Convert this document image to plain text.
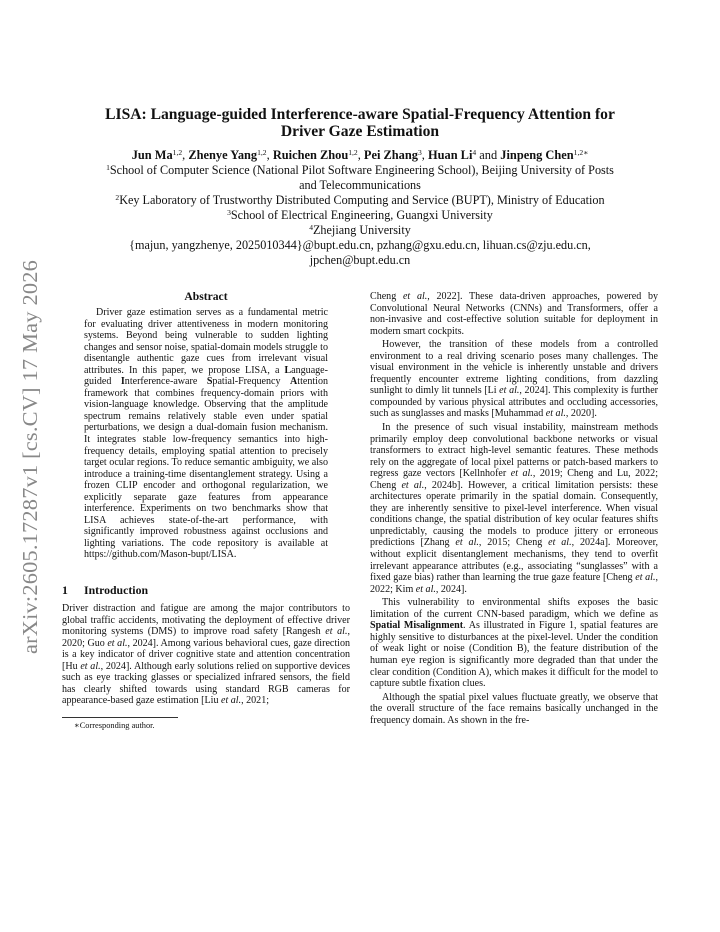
arXiv:2605.17287v1 [cs.CV] 17 May 2026
LISA: Language-guided Interference-aware Spatial-Frequency Attention for
Driver Gaze Estimation

Jun Ma$^{1,2}$, Zhenye Yang$^{1,2}$, Ruichen Zhou$^{1,2}$, Pei Zhang$^3$, Huan Li$^4$ and Jinpeng Chen$^{1,2∗}$

$^1$School of Computer Science (National Pilot Software Engineering School), Beijing University of Posts

and Telecommunications

$^2$Key Laboratory of Trustworthy Distributed Computing and Service (BUPT), Ministry of Education

$^3$School of Electrical Engineering, Guangxi University

$^4$Zhejiang University

{majun, yangzhenye, 2025010344}@bupt.edu.cn, pzhang@gxu.edu.cn, lihuan.cs@zju.edu.cn,

jpchen@bupt.edu.cn

Abstract

Driver gaze estimation serves as a fundamental metric for evaluating driver attentiveness in modern monitoring systems. Beyond being vulnerable to sudden lighting changes and sensor noise, spatial-domain models struggle to disentangle authentic gaze cues from irrelevant visual attributes. In this paper, we propose LISA, a Language-guided Interference-aware Spatial-Frequency Attention framework that combines frequency-domain priors with vision-language knowledge. Observing that the amplitude spectrum remains relatively stable even under spatial perturbations, we design a dual-domain fusion mechanism. It integrates stable low-frequency semantics into high-frequency details, employing spatial attention to precisely target ocular regions. To reduce semantic ambiguity, we also introduce a training-time disentanglement strategy. Using a frozen CLIP encoder and orthogonal regularization, we explicitly separate gaze features from appearance interference. Experiments on two benchmarks show that LISA achieves state-of-the-art performance, with significantly improved robustness against occlusions and lighting variations. The code repository is available at https://github.com/Mason-bupt/LISA.

1 Introduction

Driver distraction and fatigue are among the major contributors to global traffic accidents, motivating the deployment of effective driver monitoring systems (DMS) to improve road safety [Rangesh et al., 2020; Guo et al., 2024]. Among various behavioral cues, gaze direction is a key indicator of driver cognitive state and attention concentration [Hu et al., 2024]. Although early solutions relied on supportive devices such as eye tracking glasses or specialized infrared sensors, the field has clearly shifted towards using standard RGB cameras for appearance-based gaze estimation [Liu et al., 2021;

∗Corresponding author.

Cheng et al., 2022]. These data-driven approaches, powered by Convolutional Neural Networks (CNNs) and Transformers, offer a non-invasive and cost-effective solution suitable for deployment in modern smart cockpits.

However, the transition of these models from a controlled environment to a real driving scenario poses many challenges. The visual environment in the vehicle is inherently unstable and drivers frequently encounter extreme lighting conditions, from dazzling sunlight to dimly lit tunnels [Li et al., 2024]. This complexity is further compounded by various physical attributes and occluding accessories, such as sunglasses and masks [Muhammad et al., 2020].

In the presence of such visual instability, mainstream methods primarily employ deep convolutional backbone networks or visual transformers to extract high-level semantic features. These methods rely on the aggregate of local pixel patterns or patch-based markers to regress gaze vectors [Kellnhofer et al., 2019; Cheng and Lu, 2022; Cheng et al., 2024b]. However, a critical limitation persists: these architectures operate primarily in the spatial domain. Consequently, they are inherently sensitive to pixel-level interference. When visual conditions change, the spatial distribution of key ocular features shifts unpredictably, causing the models to produce jittery or erroneous predictions [Zhang et al., 2015; Cheng et al., 2024a]. Moreover, without explicit disentanglement mechanisms, they tend to overfit irrelevant appearance attributes (e.g., associating “sunglasses” with a fixed gaze bias) rather than learning the true gaze feature [Cheng et al., 2022; Kim et al., 2024].

This vulnerability to environmental shifts exposes the basic limitation of the current CNN-based paradigm, which we define as Spatial Misalignment. As illustrated in Figure 1, spatial features are highly sensitive to disturbances at the pixel-level. Under the condition of weak light or noise (Condition B), the feature distribution of the human eye region is significantly more degraded than that under the clear condition (Condition A), which makes it difficult for the model to capture subtle fixation clues.

Although the spatial pixel values fluctuate greatly, we observe that the overall structure of the face remains basically unchanged in the frequency domain. As shown in the fre-
